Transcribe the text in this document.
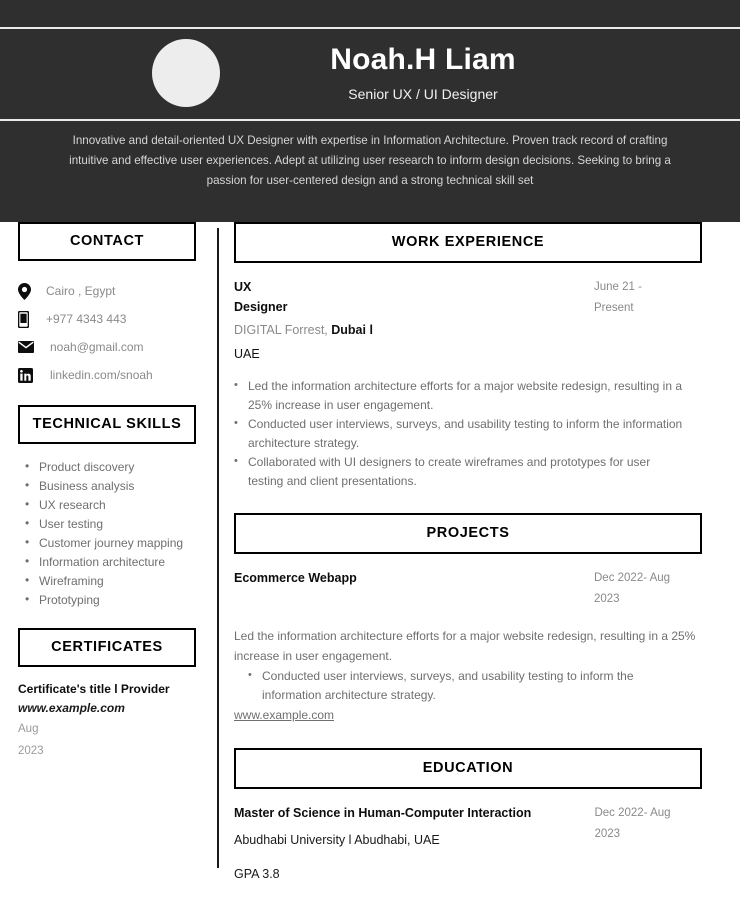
Noah.H Liam
Senior UX / UI Designer
Innovative and detail-oriented UX Designer with expertise in Information Architecture. Proven track record of crafting intuitive and effective user experiences. Adept at utilizing user research to inform design decisions. Seeking to bring a passion for user-centered design and a strong technical skill set
CONTACT
Cairo , Egypt
+977 4343 443
noah@gmail.com
linkedin.com/snoah
TECHNICAL SKILLS
• Product discovery
• Business analysis
• UX research
• User testing
• Customer journey mapping
• Information architecture
• Wireframing
• Prototyping
CERTIFICATES
Certificate's title l Provider
www.example.com
Aug
2023
WORK EXPERIENCE
UX
Designer
DIGITAL Forrest, Dubai l
UAE
June 21 -
Present
• Led the information architecture efforts for a major website redesign, resulting in a 25% increase in user engagement.
• Conducted user interviews, surveys, and usability testing to inform the information architecture strategy.
• Collaborated with UI designers to create wireframes and prototypes for user testing and client presentations.
PROJECTS
Ecommerce Webapp	Dec 2022- Aug
2023
Led the information architecture efforts for a major website redesign, resulting in a 25% increase in user engagement.
• Conducted user interviews, surveys, and usability testing to inform the information architecture strategy.
www.example.com
EDUCATION
Master of Science in Human-Computer Interaction
Abudhabi University l Abudhabi, UAE
GPA 3.8
Dec 2022- Aug
2023
